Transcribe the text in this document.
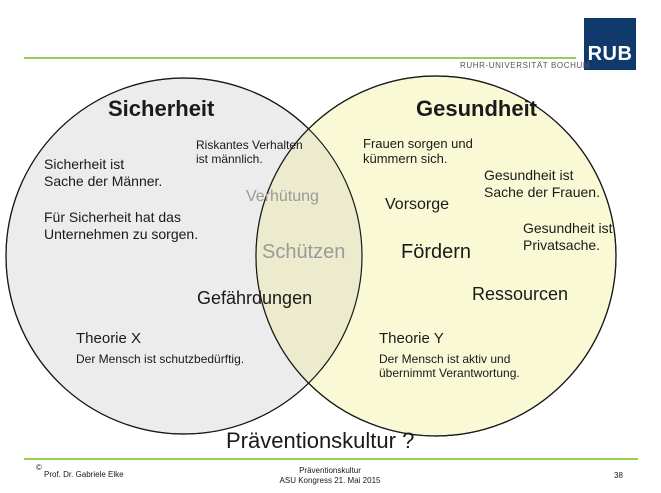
RUB
RUHR-UNIVERSITÄT BOCHUM
Sicherheit
Sicherheit ist
Sache der Männer.
Für Sicherheit hat das
Unternehmen zu sorgen.
Theorie X
Der Mensch ist schutzbedürftig.
Riskantes Verhalten
ist männlich.
Verhütung
Schützen
Gefährdungen
Gesundheit
Frauen sorgen und
kümmern sich.
Gesundheit ist
Sache der Frauen.
Gesundheit ist
Privatsache.
Vorsorge
Fördern
Ressourcen
Theorie Y
Der Mensch ist aktiv und
übernimmt Verantwortung.
Präventionskultur ?
©
Prof. Dr. Gabriele Elke	Präventionskultur
ASU Kongress 21. Mai 2015
38
